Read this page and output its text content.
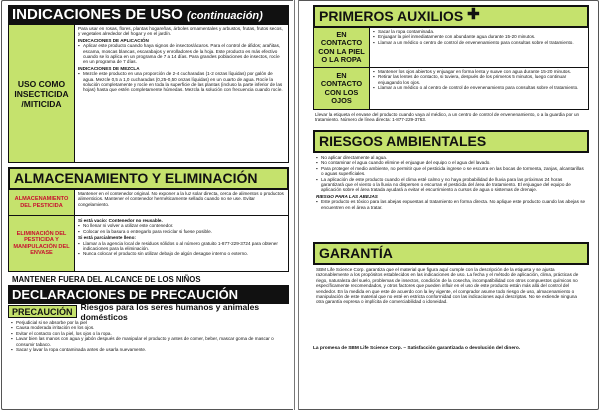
INDICACIONES DE USO (continuación)
USO COMO INSECTICIDA /MITICIDA

Para usar en rosas, flores, plantas hogareñas, árboles ornamentales y arbustos, frutas, frutos secos, y vegetales alrededor del hogar y en el jardín.

INDICACIONES DE APLICACIÓN
▪ Aplicar este producto cuando haya signos de insectos/ácaros. Para el control de áfidos; arañitas, escama, moscas blancas, escarabajos y enrolladores de la hoja. Este producto es más efectivo cuando se lo aplica en un programa de 7 a 14 días. Para grandes poblaciones de insectos, rocíe en un programa de 7 días.
INDICACIONES DE MEZCLA
▪ Mezcle este producto en una proporción de 2-4 cucharadas (1-2 onzas líquidas) por galón de agua. Mezcle 0,5 a 1,0 cucharadas (0,25-0,50 onzas líquidas) en un cuarto de agua. Rocíe la solución completamente y rocíe en toda la superficie de las plantas (incluso la parte inferior de las hojas) hasta que estén completamente húmedas. Mezcla la solución con frecuencia cuando rocíe.
ALMACENAMIENTO Y ELIMINACIÓN
ALMACENAMIENTO DEL PESTICIDA

Mantener en el contenedor original. No exponer a la luz solar directa, cerca de alimentos o productos alimenticios. Mantener el contenedor herméticamente sellado cuando no se use. Evitar congelamiento.

ELIMINACIÓN DEL PESTICIDA Y MANIPULACIÓN DEL ENVASE
Si está vacío: Contenedor no reusable.
▪ No llenar ni volver a utilizar este contenedor.
▪ Colocar en la basura o entregarlo para reciclar si fuese posible.
Si está parcialmente lleno:
▪ Llamar a la agencia local de residuos sólidos o al número gratuito 1-877-229-3724 para obtener indicaciones para la eliminación.
▪ Nunca colocar el producto sin utilizar debajo de algún desagüe interno o externo.
MANTENER FUERA DEL ALCANCE DE LOS NIÑOS
DECLARACIONES DE PRECAUCIÓN
PRECAUCIÓN
Riesgos para los seres humanos y animales domésticos
▪ Perjudicial si se absorbe por la piel
▪ Causa moderada irritación en los ojos.
▪ Evitar el contacto con la piel, los ojos o la ropa.
▪ Lavar bien las manos con agua y jabón después de manipular el producto y antes de comer, beber, mascar goma de mascar o consumir tabaco.
▪ Sacar y lavar la ropa contaminada antes de usarla nuevamente.
PRIMEROS AUXILIOS ✚
EN CONTACTO CON LA PIEL O LA ROPA
▪ Sacar la ropa contaminada.
▪ Enjuagar la piel inmediatamente con abundante agua durante 15-20 minutos.
▪ Llamar a un médico o centro de control de envenenamiento para consultas sobre el tratamiento.
EN CONTACTO CON LOS OJOS
▪ Mantener los ojos abiertos y enjuagar en forma lenta y suave con agua durante 15-20 minutos.
▪ Retirar las lentes de contacto, si tuviera, después de los primeros 5 minutos, luego continuar enjuagando los ojos.
▪ Llamar a un médico o al centro de control de envenenamiento para consultas sobre el tratamiento.

Llevar la etiqueta el envase del producto cuando vaya al médico, a un centro de control de envenenamiento, o a la guardia por un tratamiento. Número de línea directa: 1-877-229-3763.

RIESGOS AMBIENTALES
▪ No aplicar directamente al agua.
▪ No contaminar el agua cuando elimine el enjuague del equipo o el agua del lavado.
▪ Para proteger el medio ambiente, no permitir que el pesticida ingrese o se escurra en las bocas de tormenta, zanjas, alcantarillas o aguas superficiales.
▪ La aplicación de este producto cuando el clima esté calmo y no haya probabilidad de lluvia para las próximas 24 horas garantizará que el viento o la lluvia no dispersen o escurran el pesticida del área de tratamiento. El enjuague del equipo de aplicación sobre el área tratada ayudará a evitar el escurrimiento a cursos de agua o sistemas de drenaje.
RIESGO PARA LAS ABEJAS
▪ Este producto es tóxico para las abejas expuestas al tratamiento en forma directa. No aplique este producto cuando las abejas se encuentren en el área a tratar.
GARANTÍA

SBM Life Science Corp. garantiza que el material que figura aquí cumple con la descripción de la etiqueta y se ajusta razonablemente a los propósitos establecidos en las indicaciones de uso. La fecha y el método de aplicación, clima, prácticas de riego, naturaleza del suelo, problemas de insectos, condición de la cosecha, incompatibilidad con otros compuestos químicos no específicamente recomendados, y otros factores que pueden influir en el uso de este producto están más allá del control del vendedor. En la medida en que este de acuerdo con la ley vigente, el comprador asume todo riesgo de uso, almacenamiento o manipulación de este material que no esté en estricta conformidad con las indicaciones aquí descriptas. No se extiende ninguna otra garantía expresa o implícita de comerciabilidad o idoneidad.

La promesa de SBM Life Science Corp. – Satisfacción garantizada o devolución del dinero.
